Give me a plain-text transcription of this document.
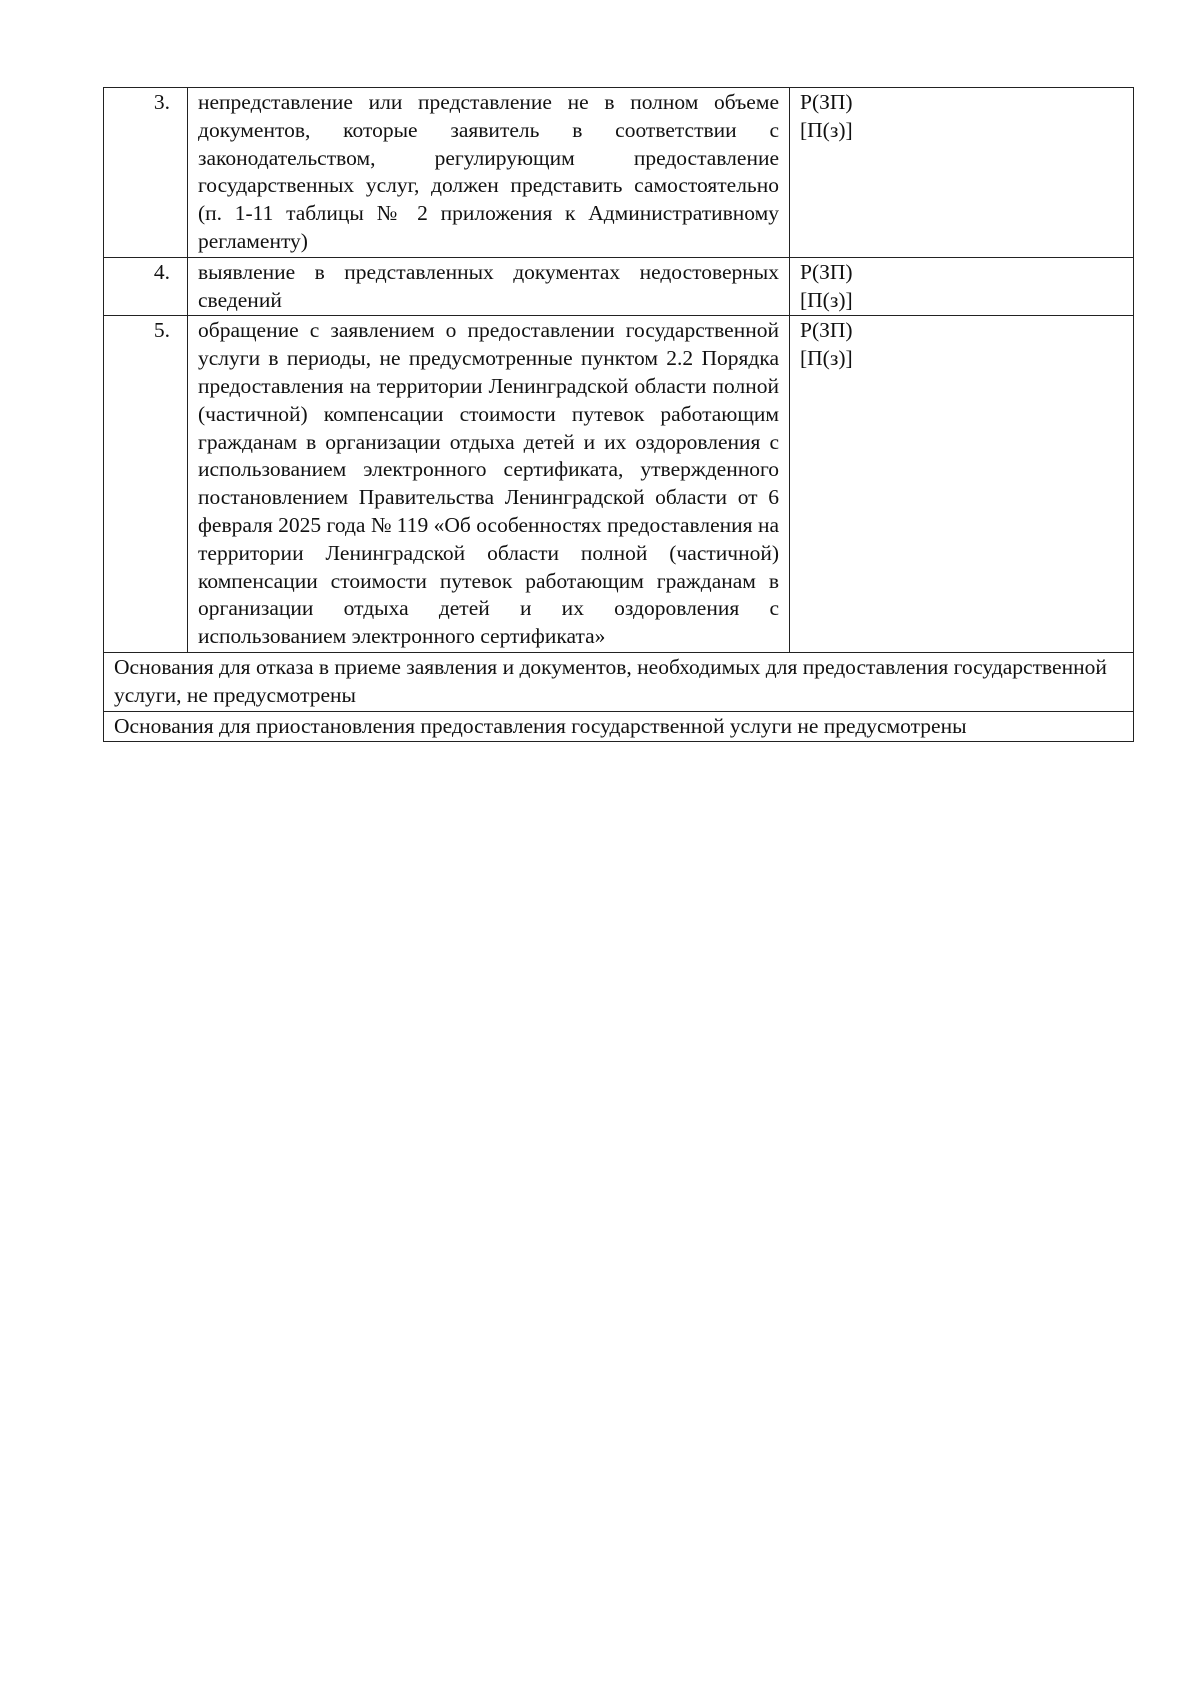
3.	непредставление или представление не в полном объеме документов, которые заявитель в соответствии с законодательством, регулирующим предоставление государственных услуг, должен представить самостоятельно (п. 1-11 таблицы № 2 приложения к Административному регламенту)	Р(ЗП)
[П(з)]

4.	выявление в представленных документах недостоверных сведений	Р(ЗП)
[П(з)]

5.	обращение с заявлением о предоставлении государственной услуги в периоды, не предусмотренные пунктом 2.2 Порядка предоставления на территории Ленинградской области полной (частичной) компенсации стоимости путевок работающим гражданам в организации отдыха детей и их оздоровления с использованием электронного сертификата, утвержденного постановлением Правительства Ленинградской области от 6 февраля 2025 года № 119 «Об особенностях предоставления на территории Ленинградской области полной (частичной) компенсации стоимости путевок работающим гражданам в организации отдыха детей и их оздоровления с использованием электронного сертификата»	Р(ЗП)
[П(з)]

Основания для отказа в приеме заявления и документов, необходимых для предоставления государственной услуги, не предусмотрены		
Основания для приостановления предоставления государственной услуги не предусмотрены		
